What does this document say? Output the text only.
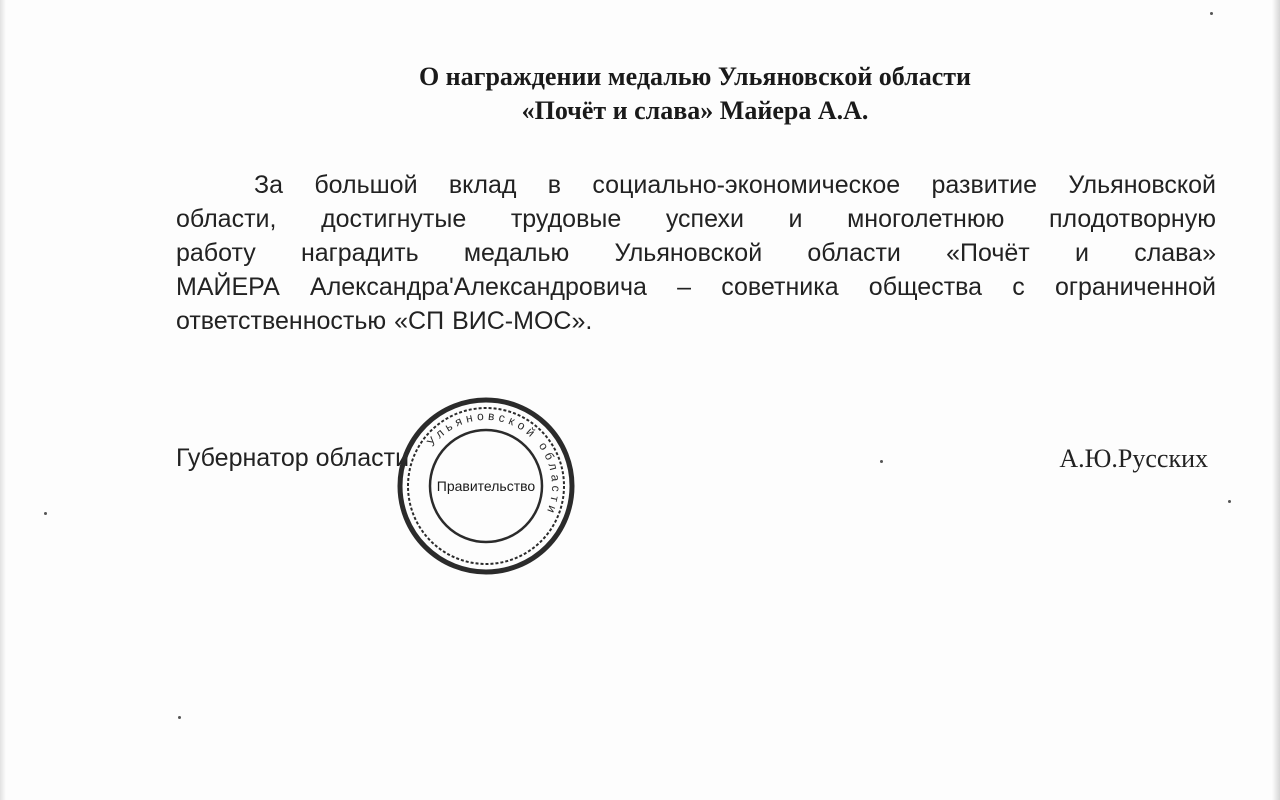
О награждении медалью Ульяновской области
«Почёт и слава» Майера А.А.
За большой вклад в социально-экономическое развитие Ульяновской
области, достигнутые трудовые успехи и многолетнюю плодотворную
работу наградить медалью Ульяновской области «Почёт и слава»
МАЙЕРА АлександраʹАлександровича – советника общества с ограниченной
ответственностью «СП ВИС-МОС».
Губернатор области	А.Ю.Русских
Ульяновской области
Правительство
